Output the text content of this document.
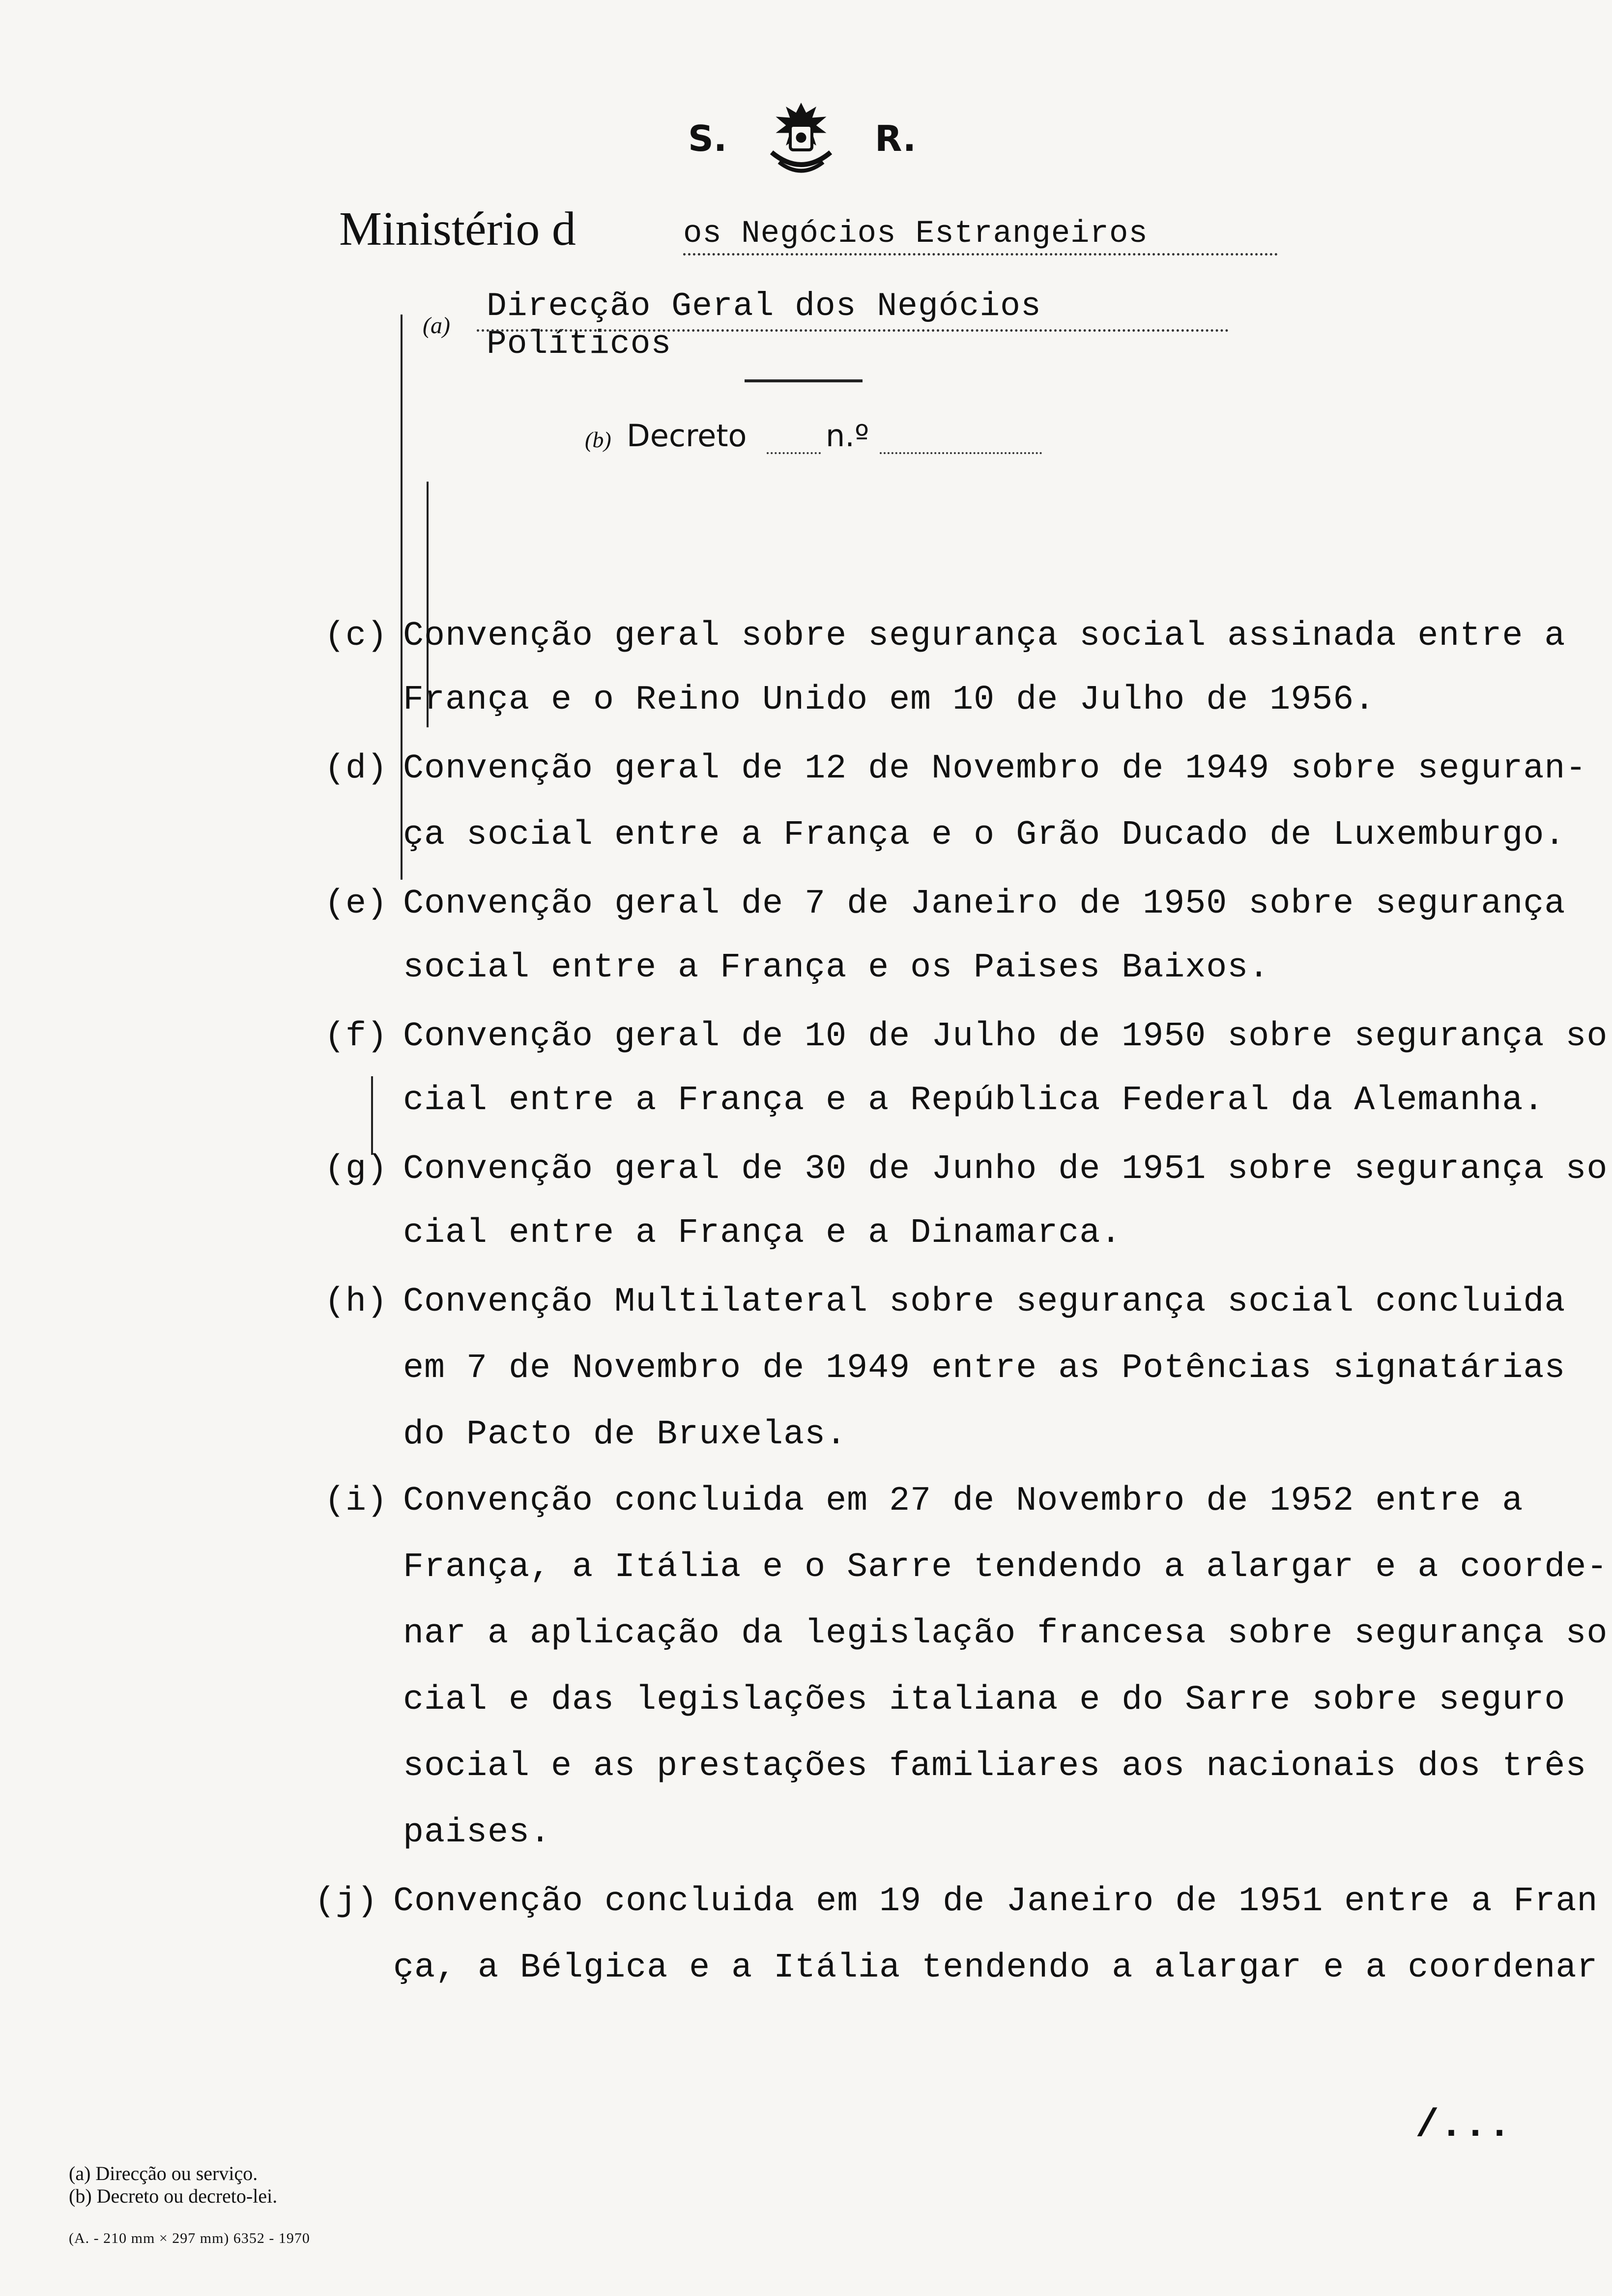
S.	R.
Ministério d	os Negócios Estrangeiros
(a)
Direcção Geral dos Negócios Políticos
(b) Decreto	n.º
(c) Convenção geral sobre segurança social assinada entre a
França e o Reino Unido em 10 de Julho de 1956.
(d) Convenção geral de 12 de Novembro de 1949 sobre seguran-
ça social entre a França e o Grão Ducado de Luxemburgo.
(e) Convenção geral de 7 de Janeiro de 1950 sobre segurança
social entre a França e os Paises Baixos.
(f) Convenção geral de 10 de Julho de 1950 sobre segurança so
cial entre a França e a República Federal da Alemanha.
(g) Convenção geral de 30 de Junho de 1951 sobre segurança so
cial entre a França e a Dinamarca.
(h) Convenção Multilateral sobre segurança social concluida
em 7 de Novembro de 1949 entre as Potências signatárias
do Pacto de Bruxelas.
(i) Convenção concluida em 27 de Novembro de 1952 entre a
França, a Itália e o Sarre tendendo a alargar e a coorde-
nar a aplicação da legislação francesa sobre segurança so
cial e das legislações italiana e do Sarre sobre seguro
social e as prestações familiares aos nacionais dos três
paises.
(j) Convenção concluida em 19 de Janeiro de 1951 entre a Fran
ça, a Bélgica e a Itália tendendo a alargar e a coordenar
/...
(a) Direcção ou serviço.
(b) Decreto ou decreto-lei.
(A. - 210 mm × 297 mm) 6352 - 1970
